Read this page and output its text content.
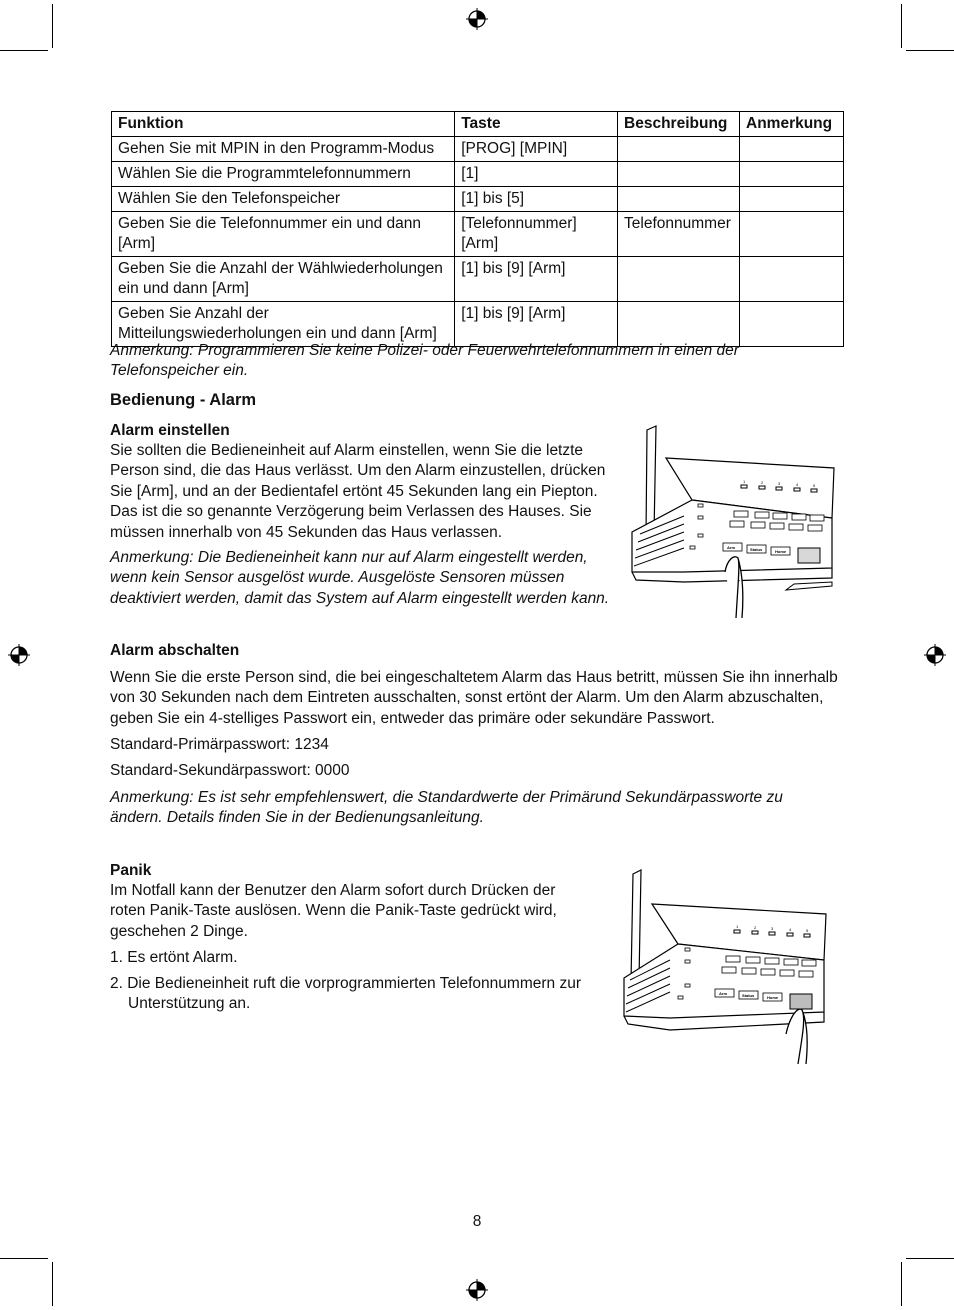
Funktion	Taste	Beschreibung	Anmerkung
Gehen Sie mit MPIN in den Programm-Modus	[PROG] [MPIN]		
Wählen Sie die Programmtelefonnummern	[1]		
Wählen Sie den Telefonspeicher	[1] bis [5]		
Geben Sie die Telefonnummer ein und dann [Arm]	[Telefonnummer] [Arm]	Telefonnummer	
Geben Sie die Anzahl der Wählwiederholungen ein und dann [Arm]	[1] bis [9] [Arm]		
Geben Sie Anzahl der Mitteilungswiederholungen ein und dann [Arm]	[1] bis [9] [Arm]		

Anmerkung: Programmieren Sie keine Polizei- oder Feuerwehrtelefonnummern in einen der Telefonspeicher ein.

Bedienung - Alarm

Alarm einstellen

Sie sollten die Bedieneinheit auf Alarm einstellen, wenn Sie die letzte Person sind, die das Haus verlässt. Um den Alarm einzustellen, drücken Sie [Arm], und an der Bedientafel ertönt 45 Sekunden lang ein Piepton. Das ist die so genannte Verzögerung beim Verlassen des Hauses. Sie müssen innerhalb von 45 Sekunden das Haus verlassen.

Anmerkung: Die Bedieneinheit kann nur auf Alarm eingestellt werden, wenn kein Sensor ausgelöst wurde. Ausgelöste Sensoren müssen deaktiviert werden, damit das System auf Alarm eingestellt werden kann.

Alarm abschalten

Wenn Sie die erste Person sind, die bei eingeschaltetem Alarm das Haus betritt, müssen Sie ihn innerhalb von 30 Sekunden nach dem Eintreten ausschalten, sonst ertönt der Alarm. Um den Alarm abzuschalten, geben Sie ein 4-stelliges Passwort ein, entweder das primäre oder sekundäre Passwort.

Standard-Primärpasswort: 1234

Standard-Sekundärpasswort: 0000

Anmerkung: Es ist sehr empfehlenswert, die Standardwerte der Primärund Sekundärpassworte zu ändern. Details finden Sie in der Bedienungsanleitung.

Panik

Im Notfall kann der Benutzer den Alarm sofort durch Drücken der roten Panik-Taste auslösen. Wenn die Panik-Taste gedrückt wird, geschehen 2 Dinge.

1. Es ertönt Alarm.

2. Die Bedieneinheit ruft die vorprogrammierten Telefonnummern zur Unterstützung an.

1	2	3	4	5
Arm	Status	Home
1	2	3	4	5
Arm	Status	Home
8
